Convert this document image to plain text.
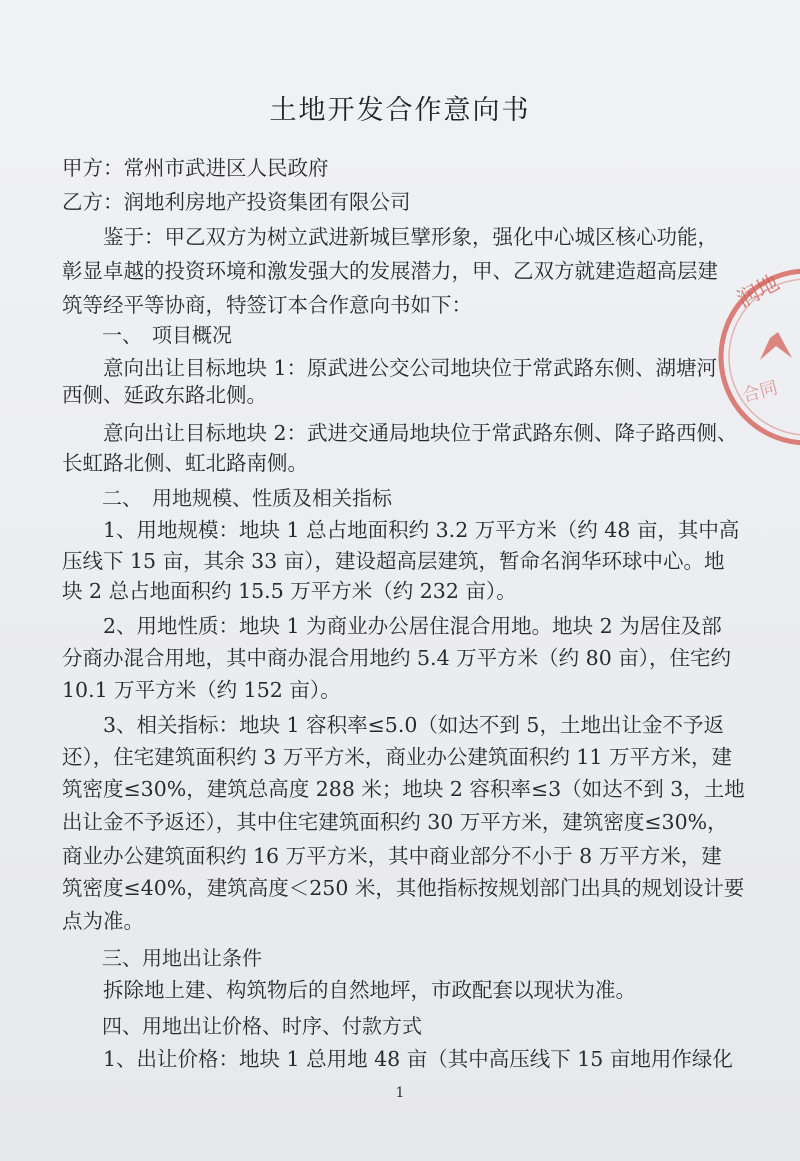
土地开发合作意向书
甲方：常州市武进区人民政府
乙方：润地利房地产投资集团有限公司
　　鉴于：甲乙双方为树立武进新城巨擘形象，强化中心城区核心功能，
彰显卓越的投资环境和激发强大的发展潜力，甲、乙双方就建造超高层建
筑等经平等协商，特签订本合作意向书如下：
　　一、　项目概况
　　意向出让目标地块 1：原武进公交公司地块位于常武路东侧、湖塘河
西侧、延政东路北侧。
　　意向出让目标地块 2：武进交通局地块位于常武路东侧、降子路西侧、
长虹路北侧、虹北路南侧。
　　二、　用地规模、性质及相关指标
　　1、用地规模：地块 1 总占地面积约 3.2 万平方米（约 48 亩，其中高
压线下 15 亩，其余 33 亩），建设超高层建筑，暂命名润华环球中心。地
块 2 总占地面积约 15.5 万平方米（约 232 亩）。
　　2、用地性质：地块 1 为商业办公居住混合用地。地块 2 为居住及部
分商办混合用地，其中商办混合用地约 5.4 万平方米（约 80 亩），住宅约
10.1 万平方米（约 152 亩）。
　　3、相关指标：地块 1 容积率≤5.0（如达不到 5，土地出让金不予返
还），住宅建筑面积约 3 万平方米，商业办公建筑面积约 11 万平方米，建
筑密度≤30%，建筑总高度 288 米；地块 2 容积率≤3（如达不到 3，土地
出让金不予返还），其中住宅建筑面积约 30 万平方米，建筑密度≤30%，
商业办公建筑面积约 16 万平方米，其中商业部分不小于 8 万平方米，建
筑密度≤40%，建筑高度＜250 米，其他指标按规划部门出具的规划设计要
点为准。
　　三、用地出让条件
　　拆除地上建、构筑物后的自然地坪，市政配套以现状为准。
　　四、用地出让价格、时序、付款方式
　　1、出让价格：地块 1 总用地 48 亩（其中高压线下 15 亩地用作绿化
1
润地
合同
